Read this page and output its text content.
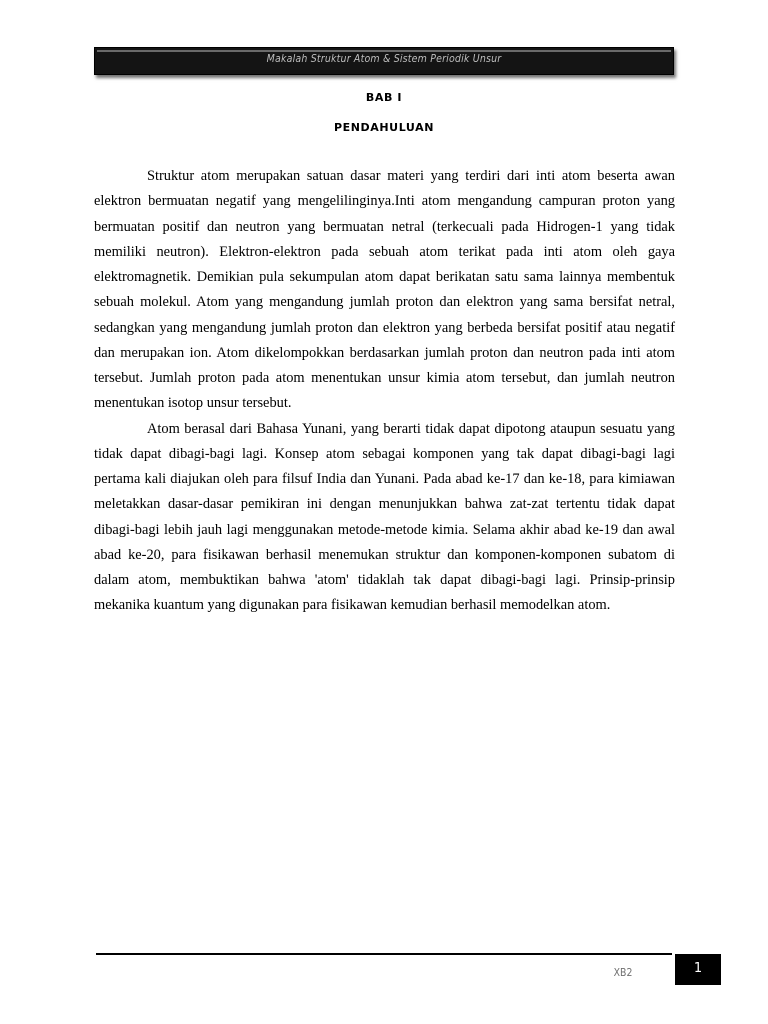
Makalah Struktur Atom & Sistem Periodik Unsur
BAB I
PENDAHULUAN

Struktur atom merupakan satuan dasar materi yang terdiri dari inti atom beserta awan elektron bermuatan negatif yang mengelilinginya.Inti atom mengandung campuran proton yang bermuatan positif dan neutron yang bermuatan netral (terkecuali pada Hidrogen-1 yang tidak memiliki neutron). Elektron-elektron pada sebuah atom terikat pada inti atom oleh gaya elektromagnetik. Demikian pula sekumpulan atom dapat berikatan satu sama lainnya membentuk sebuah molekul. Atom yang mengandung jumlah proton dan elektron yang sama bersifat netral, sedangkan yang mengandung jumlah proton dan elektron yang berbeda bersifat positif atau negatif dan merupakan ion. Atom dikelompokkan berdasarkan jumlah proton dan neutron pada inti atom tersebut. Jumlah proton pada atom menentukan unsur kimia atom tersebut, dan jumlah neutron menentukan isotop unsur tersebut.

Atom berasal dari Bahasa Yunani, yang berarti tidak dapat dipotong ataupun sesuatu yang tidak dapat dibagi-bagi lagi. Konsep atom sebagai komponen yang tak dapat dibagi-bagi lagi pertama kali diajukan oleh para filsuf India dan Yunani. Pada abad ke-17 dan ke-18, para kimiawan meletakkan dasar-dasar pemikiran ini dengan menunjukkan bahwa zat-zat tertentu tidak dapat dibagi-bagi lebih jauh lagi menggunakan metode-metode kimia. Selama akhir abad ke-19 dan awal abad ke-20, para fisikawan berhasil menemukan struktur dan komponen-komponen subatom di dalam atom, membuktikan bahwa 'atom' tidaklah tak dapat dibagi-bagi lagi. Prinsip-prinsip mekanika kuantum yang digunakan para fisikawan kemudian berhasil memodelkan atom.

XB2	1
